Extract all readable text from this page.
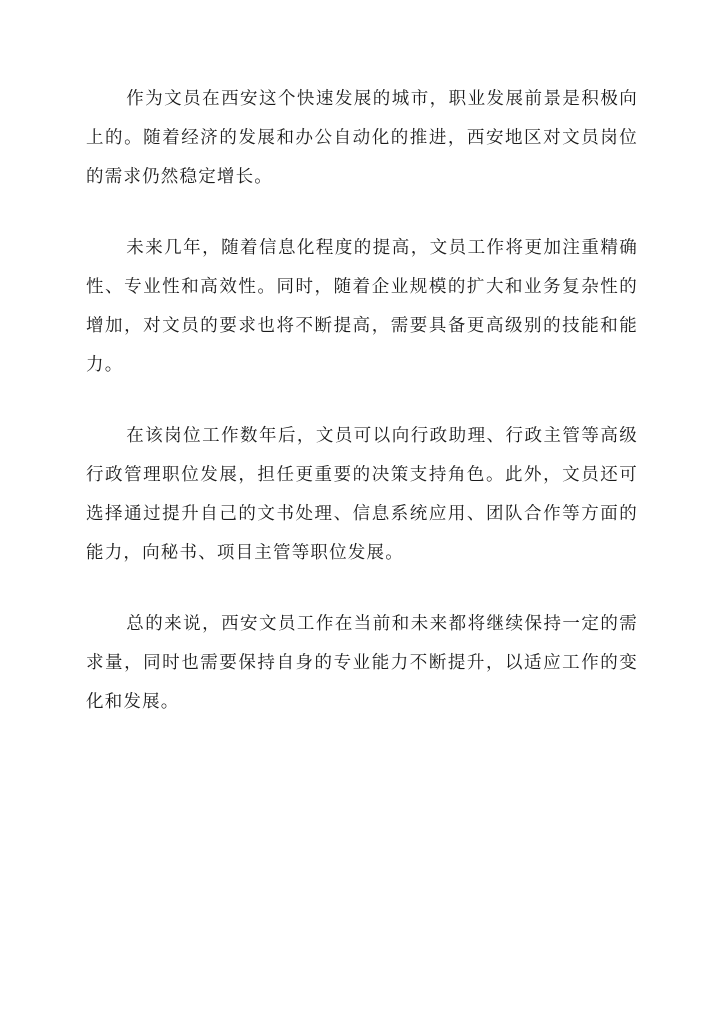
作为文员在西安这个快速发展的城市，职业发展前景是积极向上的。随着经济的发展和办公自动化的推进，西安地区对文员岗位的需求仍然稳定增长。

未来几年，随着信息化程度的提高，文员工作将更加注重精确性、专业性和高效性。同时，随着企业规模的扩大和业务复杂性的增加，对文员的要求也将不断提高，需要具备更高级别的技能和能力。

在该岗位工作数年后，文员可以向行政助理、行政主管等高级行政管理职位发展，担任更重要的决策支持角色。此外，文员还可选择通过提升自己的文书处理、信息系统应用、团队合作等方面的能力，向秘书、项目主管等职位发展。

总的来说，西安文员工作在当前和未来都将继续保持一定的需求量，同时也需要保持自身的专业能力不断提升，以适应工作的变化和发展。
